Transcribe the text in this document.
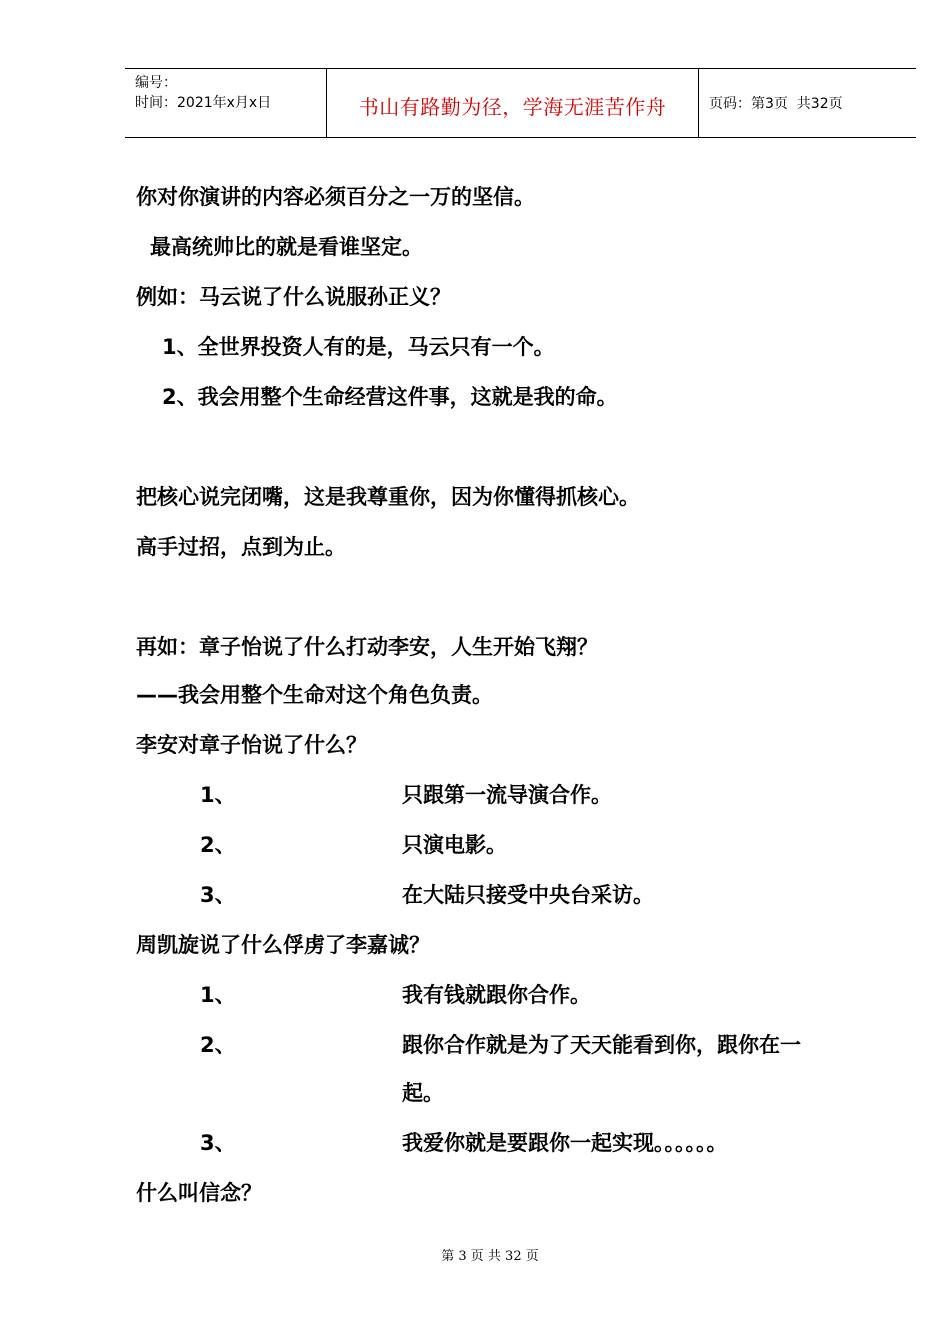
编号：
时间：2021年x月x日	书山有路勤为径，学海无涯苦作舟	页码：第3页  共32页
你对你演讲的内容必须百分之一万的坚信。
最高统帅比的就是看谁坚定。
例如：马云说了什么说服孙正义？
1、全世界投资人有的是，马云只有一个。
2、我会用整个生命经营这件事，这就是我的命。
把核心说完闭嘴，这是我尊重你，因为你懂得抓核心。
高手过招，点到为止。
再如：章子怡说了什么打动李安，人生开始飞翔？
——我会用整个生命对这个角色负责。
李安对章子怡说了什么？
1、	只跟第一流导演合作。
2、	只演电影。
3、	在大陆只接受中央台采访。
周凯旋说了什么俘虏了李嘉诚？
1、	我有钱就跟你合作。
2、	跟你合作就是为了天天能看到你，跟你在一
起。
3、	我爱你就是要跟你一起实现。。。。。。
什么叫信念？
第 3 页 共 32 页
